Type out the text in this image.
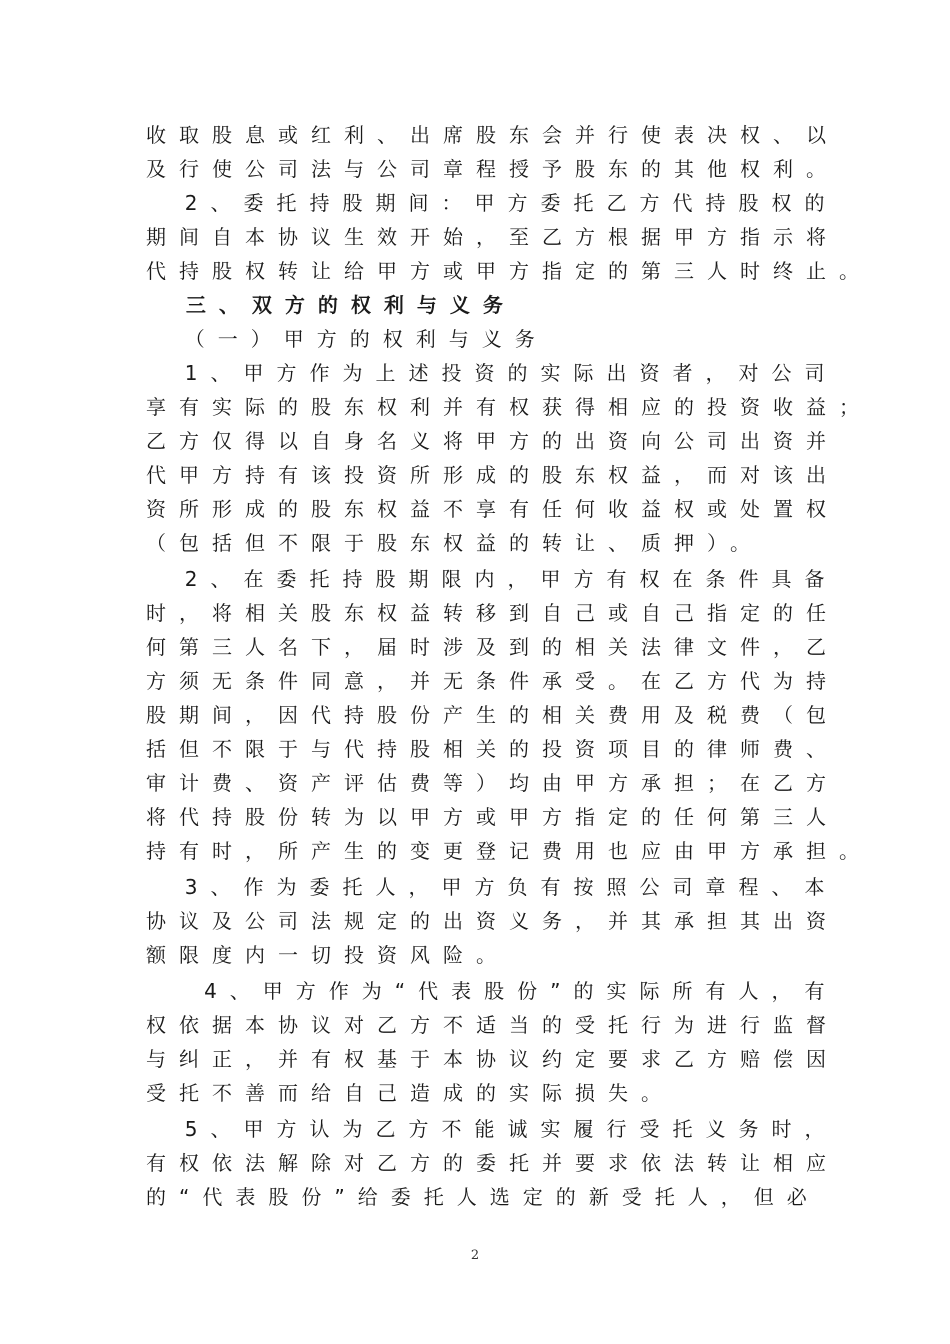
收取股息或红利、出席股东会并行使表决权、以
及行使公司法与公司章程授予股东的其他权利。
2、委托持股期间：甲方委托乙方代持股权的
期间自本协议生效开始，至乙方根据甲方指示将
代持股权转让给甲方或甲方指定的第三人时终止。
三、双方的权利与义务
（一）甲方的权利与义务
1、甲方作为上述投资的实际出资者，对公司
享有实际的股东权利并有权获得相应的投资收益；
乙方仅得以自身名义将甲方的出资向公司出资并
代甲方持有该投资所形成的股东权益，而对该出
资所形成的股东权益不享有任何收益权或处置权
（包括但不限于股东权益的转让、质押）。
2、在委托持股期限内，甲方有权在条件具备
时，将相关股东权益转移到自己或自己指定的任
何第三人名下，届时涉及到的相关法律文件，乙
方须无条件同意，并无条件承受。在乙方代为持
股期间，因代持股份产生的相关费用及税费（包
括但不限于与代持股相关的投资项目的律师费、
审计费、资产评估费等）均由甲方承担；在乙方
将代持股份转为以甲方或甲方指定的任何第三人
持有时，所产生的变更登记费用也应由甲方承担。
3、作为委托人，甲方负有按照公司章程、本
协议及公司法规定的出资义务，并其承担其出资
额限度内一切投资风险。
4、甲方作为“代表股份”的实际所有人，有
权依据本协议对乙方不适当的受托行为进行监督
与纠正，并有权基于本协议约定要求乙方赔偿因
受托不善而给自己造成的实际损失。
5、甲方认为乙方不能诚实履行受托义务时，
有权依法解除对乙方的委托并要求依法转让相应
的“代表股份”给委托人选定的新受托人，但必
2
